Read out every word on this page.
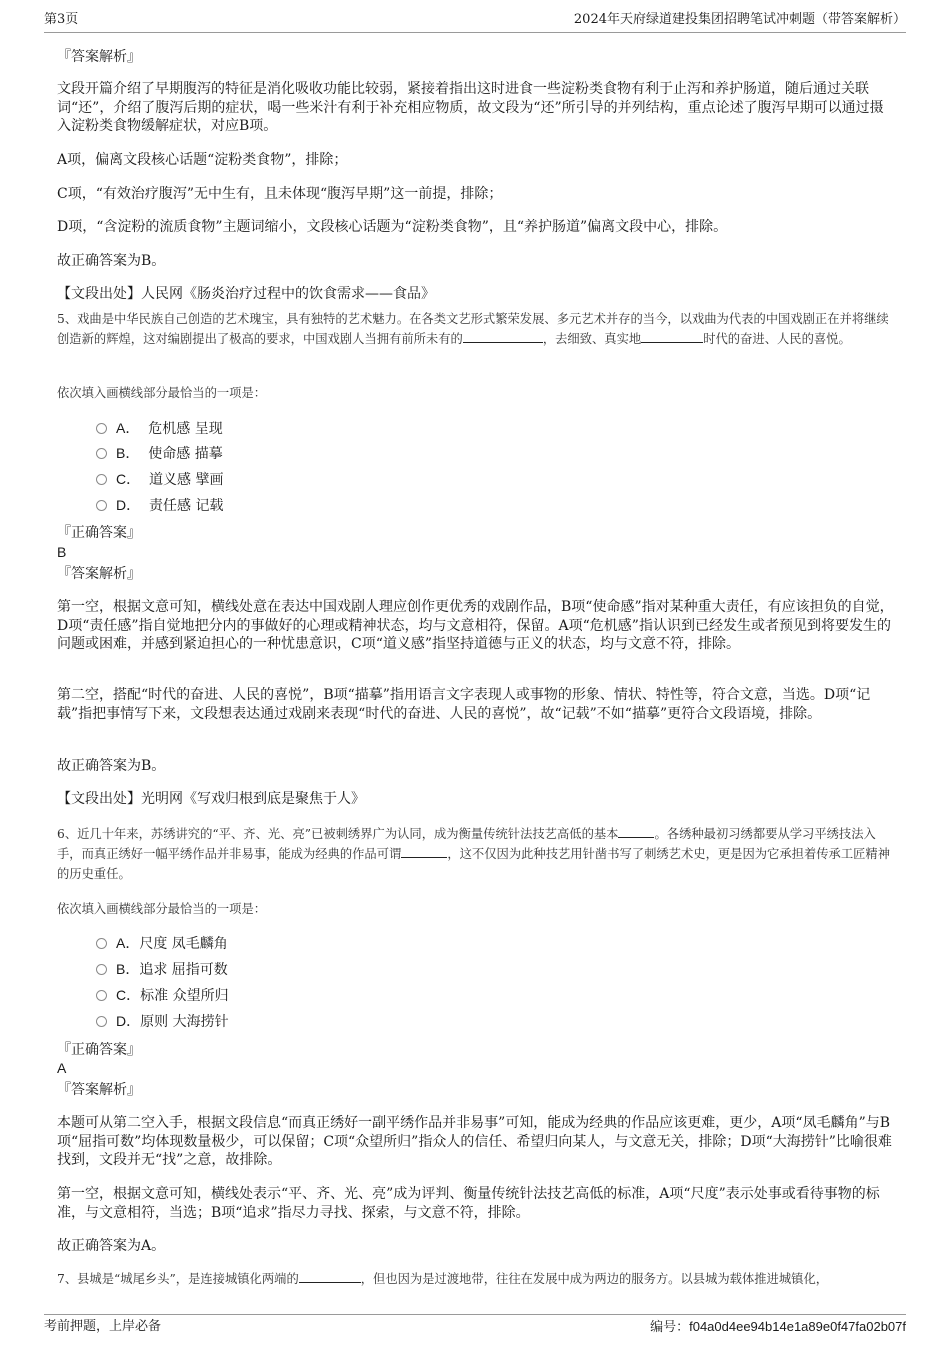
第3页	2024年天府绿道建投集团招聘笔试冲刺题（带答案解析）

『答案解析』

文段开篇介绍了早期腹泻的特征是消化吸收功能比较弱，紧接着指出这时进食一些淀粉类食物有利于止泻和养护肠道，随后通过关联词“还”，介绍了腹泻后期的症状，喝一些米汁有利于补充相应物质，故文段为“还”所引导的并列结构，重点论述了腹泻早期可以通过摄入淀粉类食物缓解症状，对应B项。

A项，偏离文段核心话题“淀粉类食物”，排除；

C项，“有效治疗腹泻”无中生有，且未体现“腹泻早期”这一前提，排除；

D项，“含淀粉的流质食物”主题词缩小，文段核心话题为“淀粉类食物”，且“养护肠道”偏离文段中心，排除。

故正确答案为B。

【文段出处】人民网《肠炎治疗过程中的饮食需求——食品》

5、戏曲是中华民族自己创造的艺术瑰宝，具有独特的艺术魅力。在各类文艺形式繁荣发展、多元艺术并存的当今，以戏曲为代表的中国戏剧正在并将继续创造新的辉煌，这对编剧提出了极高的要求，中国戏剧人当拥有前所未有的	，去细致、真实地	时代的奋进、人民的喜悦。

依次填入画横线部分最恰当的一项是：

A． 危机感 呈现
B． 使命感 描摹
C． 道义感 擘画
D． 责任感 记载

『正确答案』

B

『答案解析』

第一空，根据文意可知，横线处意在表达中国戏剧人理应创作更优秀的戏剧作品，B项“使命感”指对某种重大责任，有应该担负的自觉，D项“责任感”指自觉地把分内的事做好的心理或精神状态，均与文意相符，保留。A项“危机感”指认识到已经发生或者预见到将要发生的问题或困难，并感到紧迫担心的一种忧患意识，C项“道义感”指坚持道德与正义的状态，均与文意不符，排除。

第二空，搭配“时代的奋进、人民的喜悦”，B项“描摹”指用语言文字表现人或事物的形象、情状、特性等，符合文意，当选。D项“记载”指把事情写下来，文段想表达通过戏剧来表现“时代的奋进、人民的喜悦”，故“记载”不如“描摹”更符合文段语境，排除。

故正确答案为B。

【文段出处】光明网《写戏归根到底是聚焦于人》

6、近几十年来，苏绣讲究的“平、齐、光、亮”已被刺绣界广为认同，成为衡量传统针法技艺高低的基本	。各绣种最初习绣都要从学习平绣技法入手，而真正绣好一幅平绣作品并非易事，能成为经典的作品可谓	，这不仅因为此种技艺用针凿书写了刺绣艺术史，更是因为它承担着传承工匠精神的历史重任。

依次填入画横线部分最恰当的一项是：

A．尺度 凤毛麟角
B．追求 屈指可数
C．标准 众望所归
D．原则 大海捞针

『正确答案』

A

『答案解析』

本题可从第二空入手，根据文段信息“而真正绣好一副平绣作品并非易事”可知，能成为经典的作品应该更难，更少，A项“凤毛麟角”与B项“屈指可数”均体现数量极少，可以保留；C项“众望所归”指众人的信任、希望归向某人，与文意无关，排除；D项“大海捞针”比喻很难找到，文段并无“找”之意，故排除。

第一空，根据文意可知，横线处表示“平、齐、光、亮”成为评判、衡量传统针法技艺高低的标准，A项“尺度”表示处事或看待事物的标准，与文意相符，当选；B项“追求”指尽力寻找、探索，与文意不符，排除。

故正确答案为A。

7、县城是“城尾乡头”，是连接城镇化两端的	，但也因为是过渡地带，往往在发展中成为两边的服务方。以县城为载体推进城镇化，

考前押题，上岸必备	编号：f04a0d4ee94b14e1a89e0f47fa02b07f
